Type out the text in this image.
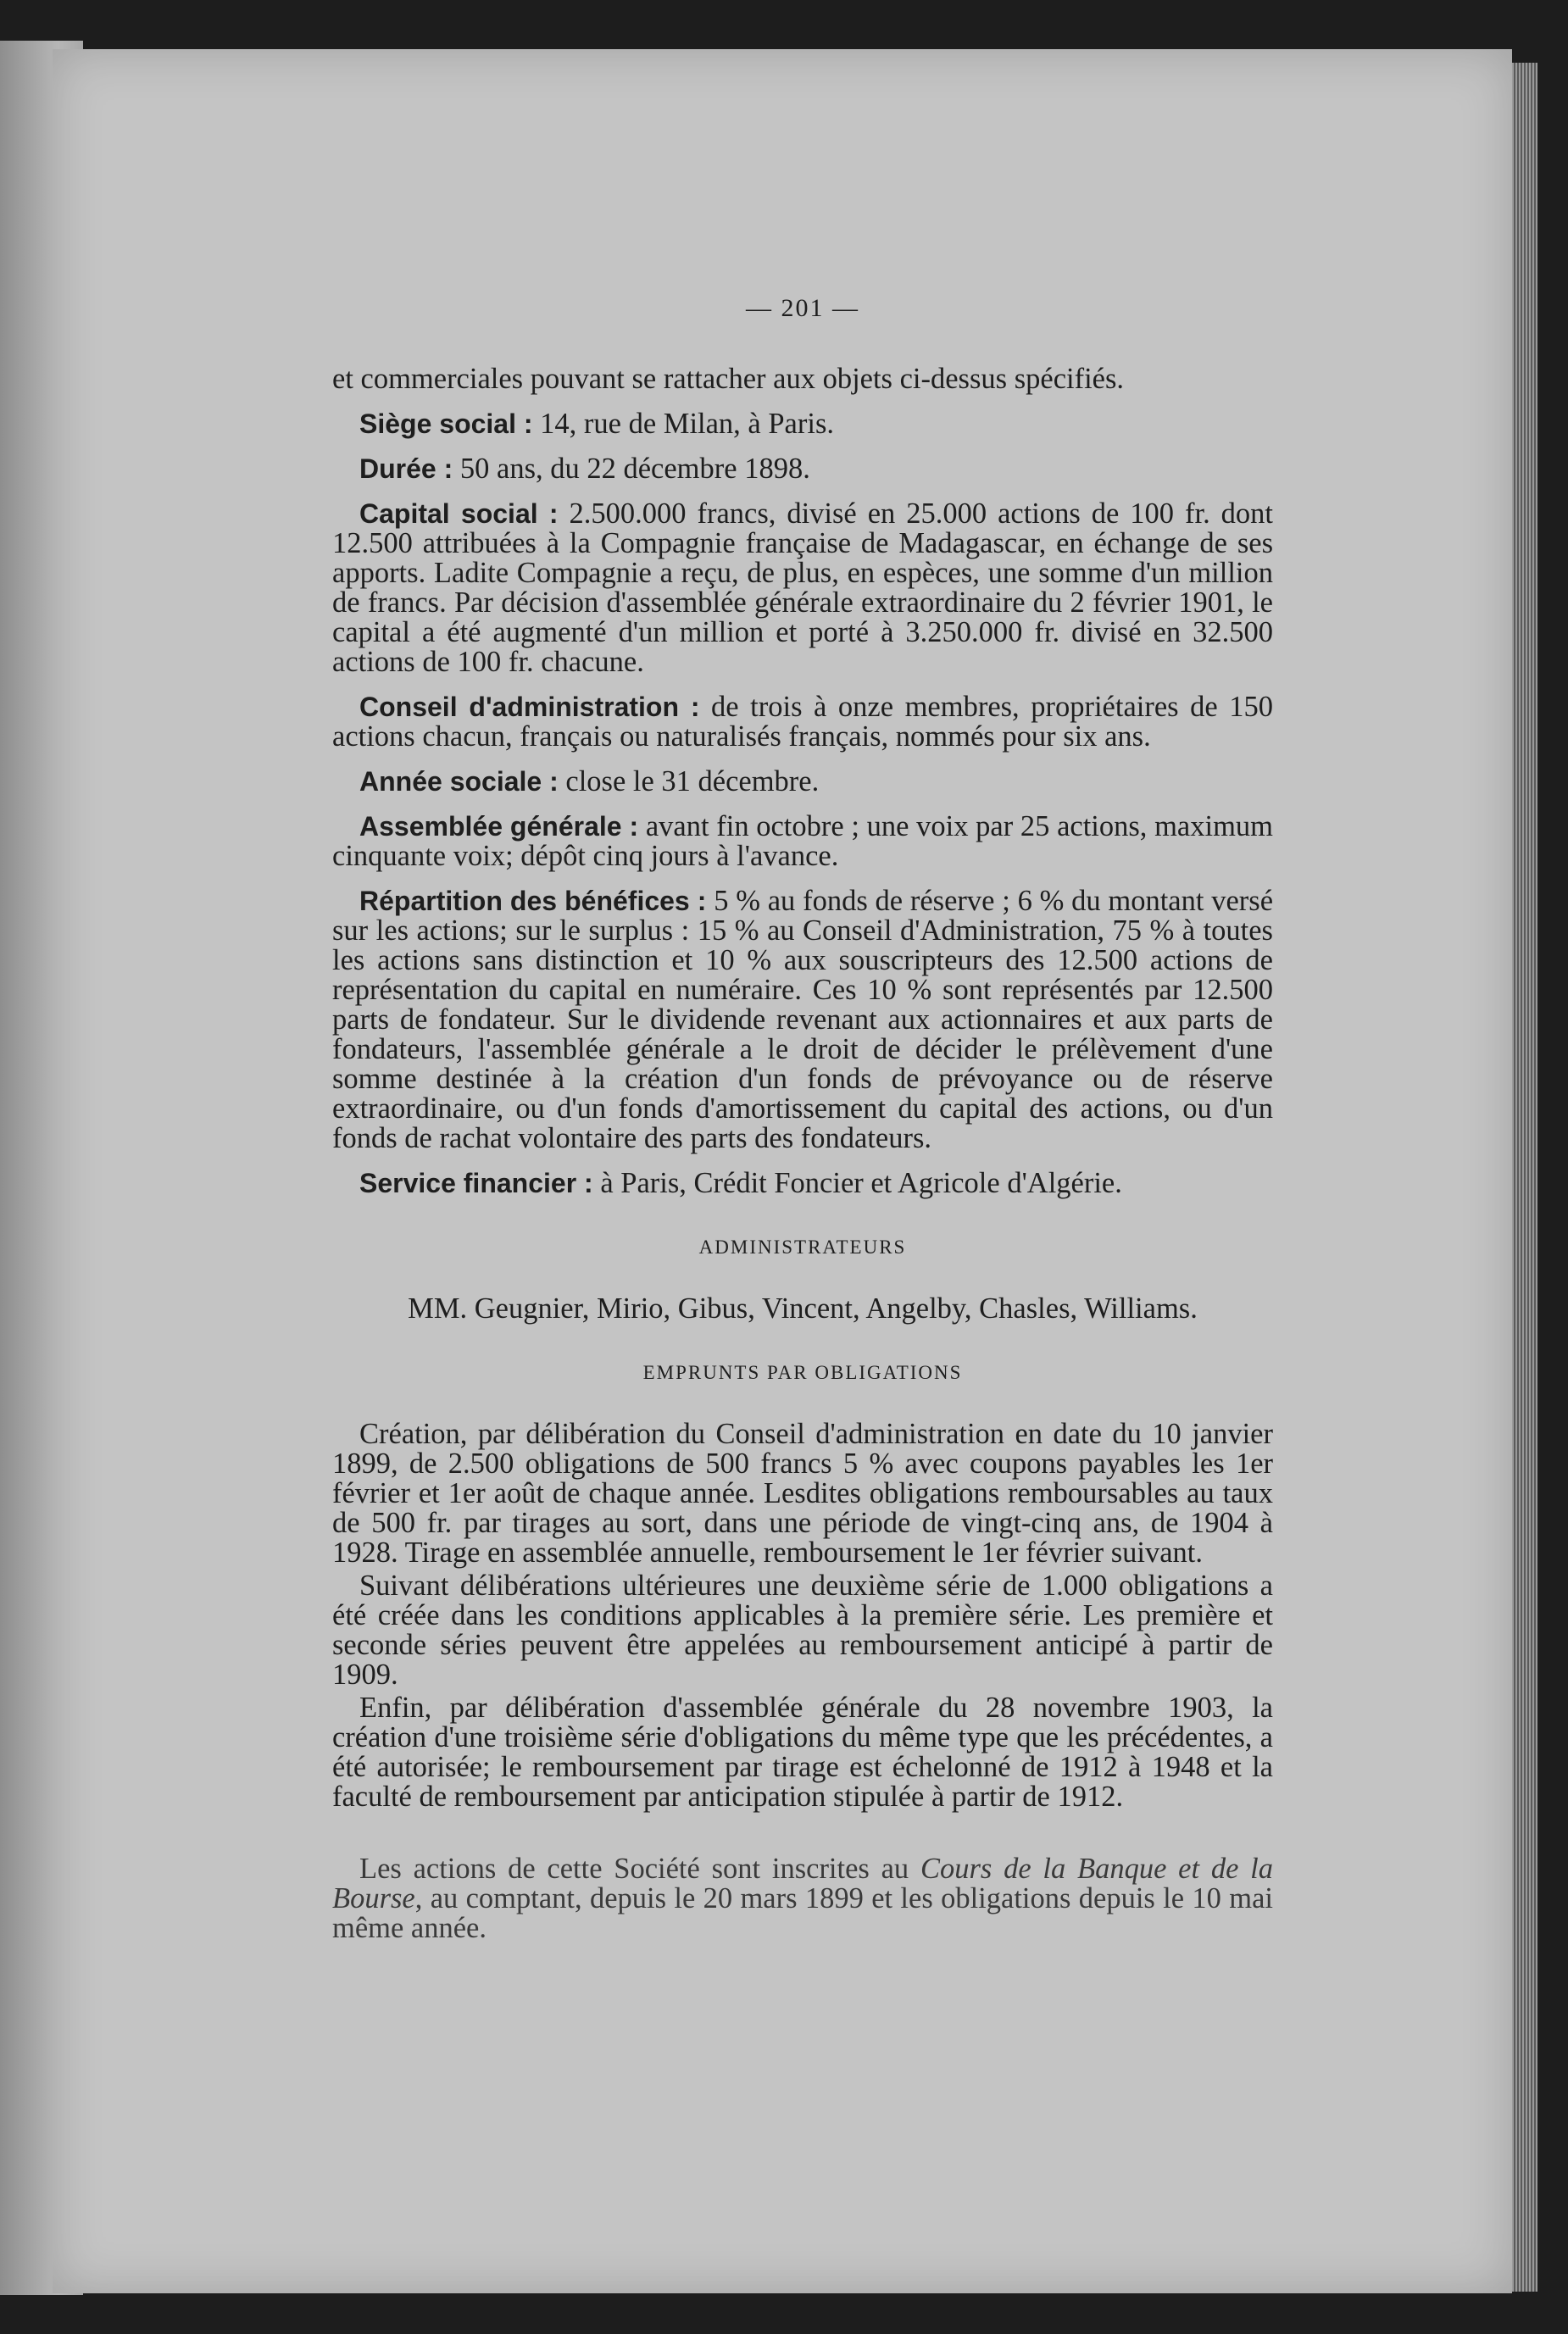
— 201 —

et commerciales pouvant se rattacher aux objets ci-dessus spécifiés.

Siège social : 14, rue de Milan, à Paris.

Durée : 50 ans, du 22 décembre 1898.

Capital social : 2.500.000 francs, divisé en 25.000 actions de 100 fr. dont 12.500 attribuées à la Compagnie française de Madagascar, en échange de ses apports. Ladite Compagnie a reçu, de plus, en espèces, une somme d'un million de francs. Par décision d'assemblée générale extraordinaire du 2 février 1901, le capital a été augmenté d'un million et porté à 3.250.000 fr. divisé en 32.500 actions de 100 fr. chacune.

Conseil d'administration : de trois à onze membres, propriétaires de 150 actions chacun, français ou naturalisés français, nommés pour six ans.

Année sociale : close le 31 décembre.

Assemblée générale : avant fin octobre ; une voix par 25 actions, maximum cinquante voix; dépôt cinq jours à l'avance.

Répartition des bénéfices : 5 % au fonds de réserve ; 6 % du montant versé sur les actions; sur le surplus : 15 % au Conseil d'Administration, 75 % à toutes les actions sans distinction et 10 % aux souscripteurs des 12.500 actions de représentation du capital en numéraire. Ces 10 % sont représentés par 12.500 parts de fondateur. Sur le dividende revenant aux actionnaires et aux parts de fondateurs, l'assemblée générale a le droit de décider le prélèvement d'une somme destinée à la création d'un fonds de prévoyance ou de réserve extraordinaire, ou d'un fonds d'amortissement du capital des actions, ou d'un fonds de rachat volontaire des parts des fondateurs.

Service financier : à Paris, Crédit Foncier et Agricole d'Algérie.

ADMINISTRATEURS

MM. Geugnier, Mirio, Gibus, Vincent, Angelby, Chasles, Williams.

EMPRUNTS PAR OBLIGATIONS

Création, par délibération du Conseil d'administration en date du 10 janvier 1899, de 2.500 obligations de 500 francs 5 % avec coupons payables les 1er février et 1er août de chaque année. Lesdites obligations remboursables au taux de 500 fr. par tirages au sort, dans une période de vingt-cinq ans, de 1904 à 1928. Tirage en assemblée annuelle, remboursement le 1er février suivant.

Suivant délibérations ultérieures une deuxième série de 1.000 obligations a été créée dans les conditions applicables à la première série. Les première et seconde séries peuvent être appelées au remboursement anticipé à partir de 1909.

Enfin, par délibération d'assemblée générale du 28 novembre 1903, la création d'une troisième série d'obligations du même type que les précédentes, a été autorisée; le remboursement par tirage est échelonné de 1912 à 1948 et la faculté de remboursement par anticipation stipulée à partir de 1912.

Les actions de cette Société sont inscrites au Cours de la Banque et de la Bourse, au comptant, depuis le 20 mars 1899 et les obligations depuis le 10 mai même année.
